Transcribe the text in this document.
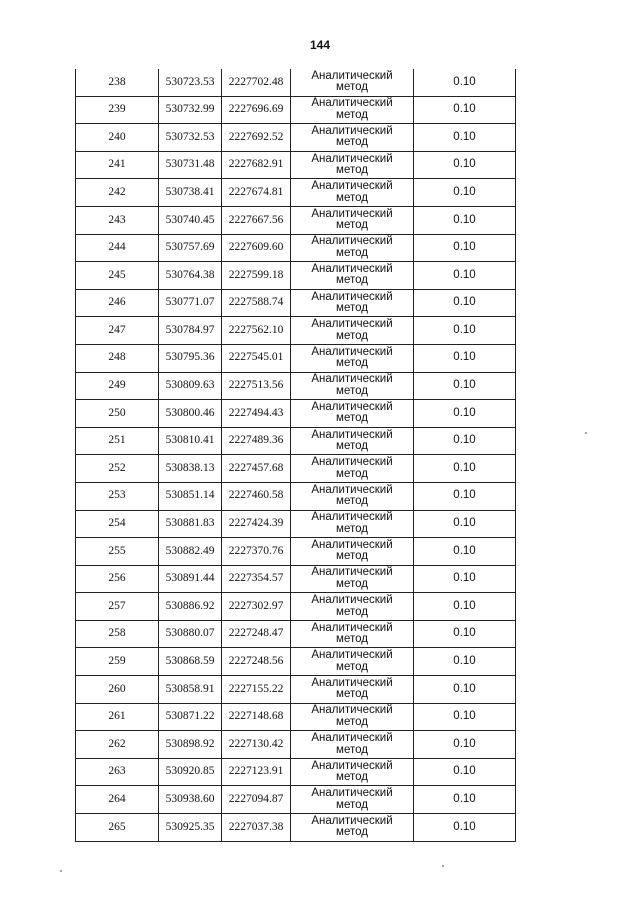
144
238	530723.53	2227702.48	Аналитический
метод	0.10
239	530732.99	2227696.69	Аналитический
метод	0.10
240	530732.53	2227692.52	Аналитический
метод	0.10
241	530731.48	2227682.91	Аналитический
метод	0.10
242	530738.41	2227674.81	Аналитический
метод	0.10
243	530740.45	2227667.56	Аналитический
метод	0.10
244	530757.69	2227609.60	Аналитический
метод	0.10
245	530764.38	2227599.18	Аналитический
метод	0.10
246	530771.07	2227588.74	Аналитический
метод	0.10
247	530784.97	2227562.10	Аналитический
метод	0.10
248	530795.36	2227545.01	Аналитический
метод	0.10
249	530809.63	2227513.56	Аналитический
метод	0.10
250	530800.46	2227494.43	Аналитический
метод	0.10
251	530810.41	2227489.36	Аналитический
метод	0.10
252	530838.13	2227457.68	Аналитический
метод	0.10
253	530851.14	2227460.58	Аналитический
метод	0.10
254	530881.83	2227424.39	Аналитический
метод	0.10
255	530882.49	2227370.76	Аналитический
метод	0.10
256	530891.44	2227354.57	Аналитический
метод	0.10
257	530886.92	2227302.97	Аналитический
метод	0.10
258	530880.07	2227248.47	Аналитический
метод	0.10
259	530868.59	2227248.56	Аналитический
метод	0.10
260	530858.91	2227155.22	Аналитический
метод	0.10
261	530871.22	2227148.68	Аналитический
метод	0.10
262	530898.92	2227130.42	Аналитический
метод	0.10
263	530920.85	2227123.91	Аналитический
метод	0.10
264	530938.60	2227094.87	Аналитический
метод	0.10
265	530925.35	2227037.38	Аналитический
метод	0.10
